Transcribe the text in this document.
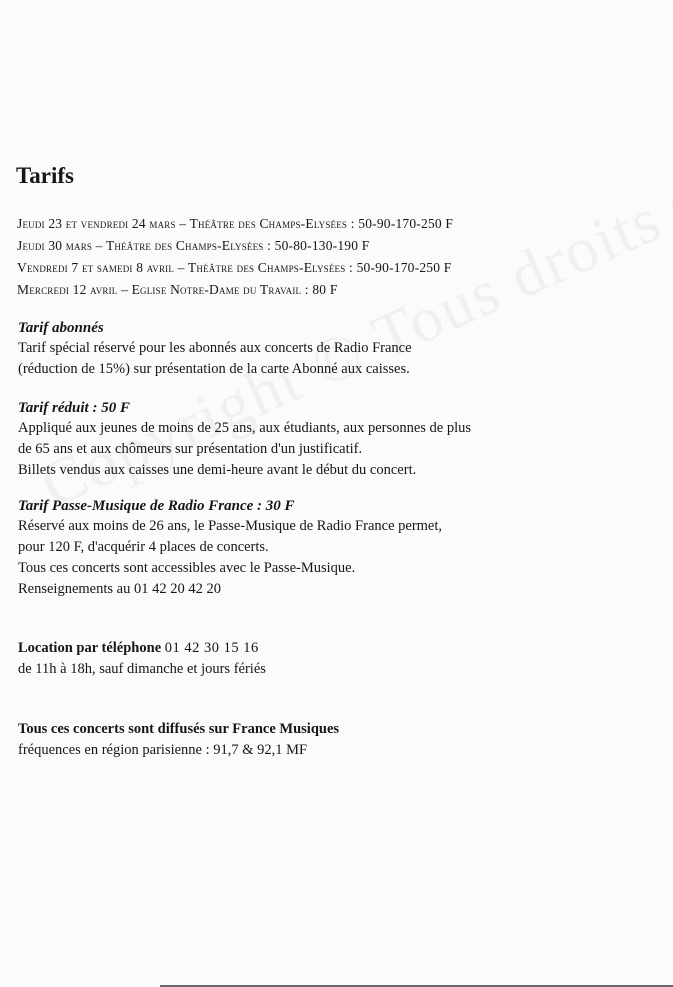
Tarifs
Jeudi 23 et vendredi 24 mars – Théâtre des Champs-Elysées : 50-90-170-250 F
Jeudi 30 mars – Théâtre des Champs-Elysées : 50-80-130-190 F
Vendredi 7 et samedi 8 avril – Théâtre des Champs-Elysées : 50-90-170-250 F
Mercredi 12 avril – Eglise Notre-Dame du Travail : 80 F
Tarif abonnés
Tarif spécial réservé pour les abonnés aux concerts de Radio France
(réduction de 15%) sur présentation de la carte Abonné aux caisses.
Tarif réduit : 50 F
Appliqué aux jeunes de moins de 25 ans, aux étudiants, aux personnes de plus
de 65 ans et aux chômeurs sur présentation d'un justificatif.
Billets vendus aux caisses une demi-heure avant le début du concert.
Tarif Passe-Musique de Radio France : 30 F
Réservé aux moins de 26 ans, le Passe-Musique de Radio France permet,
pour 120 F, d'acquérir 4 places de concerts.
Tous ces concerts sont accessibles avec le Passe-Musique.
Renseignements au 01 42 20 42 20
Location par téléphone 01 42 30 15 16
de 11h à 18h, sauf dimanche et jours fériés
Tous ces concerts sont diffusés sur France Musiques
fréquences en région parisienne : 91,7 & 92,1 MF
